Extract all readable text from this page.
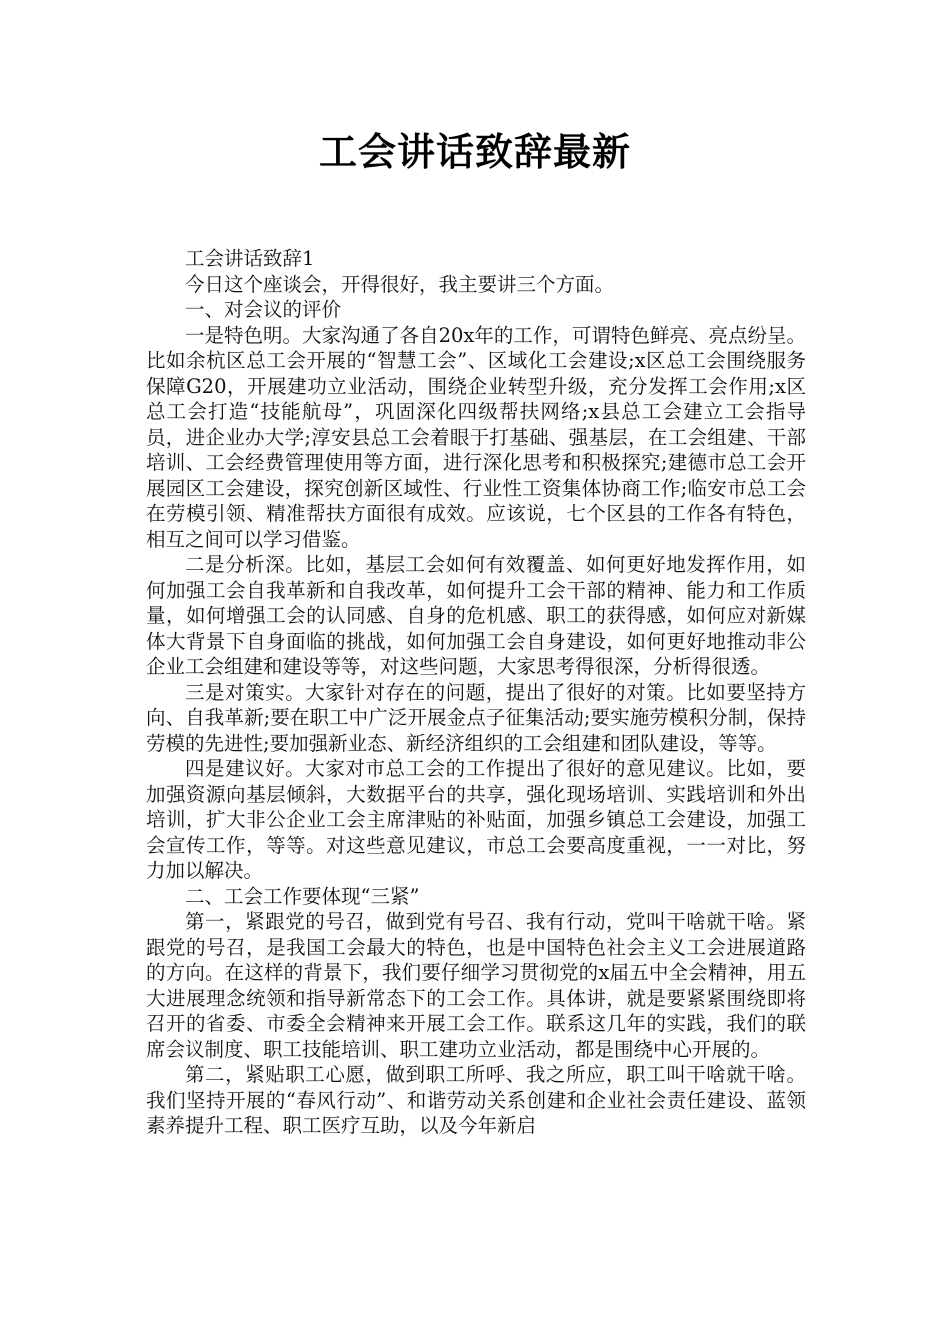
工会讲话致辞最新

工会讲话致辞1

今日这个座谈会，开得很好，我主要讲三个方面。

一、对会议的评价

一是特色明。大家沟通了各自20x年的工作，可谓特色鲜亮、亮点纷呈。比如余杭区总工会开展的“智慧工会”、区域化工会建设;x区总工会围绕服务保障G20，开展建功立业活动，围绕企业转型升级，充分发挥工会作用;x区总工会打造“技能航母”，巩固深化四级帮扶网络;x县总工会建立工会指导员，进企业办大学;淳安县总工会着眼于打基础、强基层，在工会组建、干部培训、工会经费管理使用等方面，进行深化思考和积极探究;建德市总工会开展园区工会建设，探究创新区域性、行业性工资集体协商工作;临安市总工会在劳模引领、精准帮扶方面很有成效。应该说，七个区县的工作各有特色，相互之间可以学习借鉴。

二是分析深。比如，基层工会如何有效覆盖、如何更好地发挥作用，如何加强工会自我革新和自我改革，如何提升工会干部的精神、能力和工作质量，如何增强工会的认同感、自身的危机感、职工的获得感，如何应对新媒体大背景下自身面临的挑战，如何加强工会自身建设，如何更好地推动非公企业工会组建和建设等等，对这些问题，大家思考得很深，分析得很透。

三是对策实。大家针对存在的问题，提出了很好的对策。比如要坚持方向、自我革新;要在职工中广泛开展金点子征集活动;要实施劳模积分制，保持劳模的先进性;要加强新业态、新经济组织的工会组建和团队建设，等等。

四是建议好。大家对市总工会的工作提出了很好的意见建议。比如，要加强资源向基层倾斜，大数据平台的共享，强化现场培训、实践培训和外出培训，扩大非公企业工会主席津贴的补贴面，加强乡镇总工会建设，加强工会宣传工作，等等。对这些意见建议，市总工会要高度重视，一一对比，努力加以解决。

二、工会工作要体现“三紧”

第一，紧跟党的号召，做到党有号召、我有行动，党叫干啥就干啥。紧跟党的号召，是我国工会最大的特色，也是中国特色社会主义工会进展道路的方向。在这样的背景下，我们要仔细学习贯彻党的x届五中全会精神，用五大进展理念统领和指导新常态下的工会工作。具体讲，就是要紧紧围绕即将召开的省委、市委全会精神来开展工会工作。联系这几年的实践，我们的联席会议制度、职工技能培训、职工建功立业活动，都是围绕中心开展的。

第二，紧贴职工心愿，做到职工所呼、我之所应，职工叫干啥就干啥。我们坚持开展的“春风行动”、和谐劳动关系创建和企业社会责任建设、蓝领素养提升工程、职工医疗互助，以及今年新启
